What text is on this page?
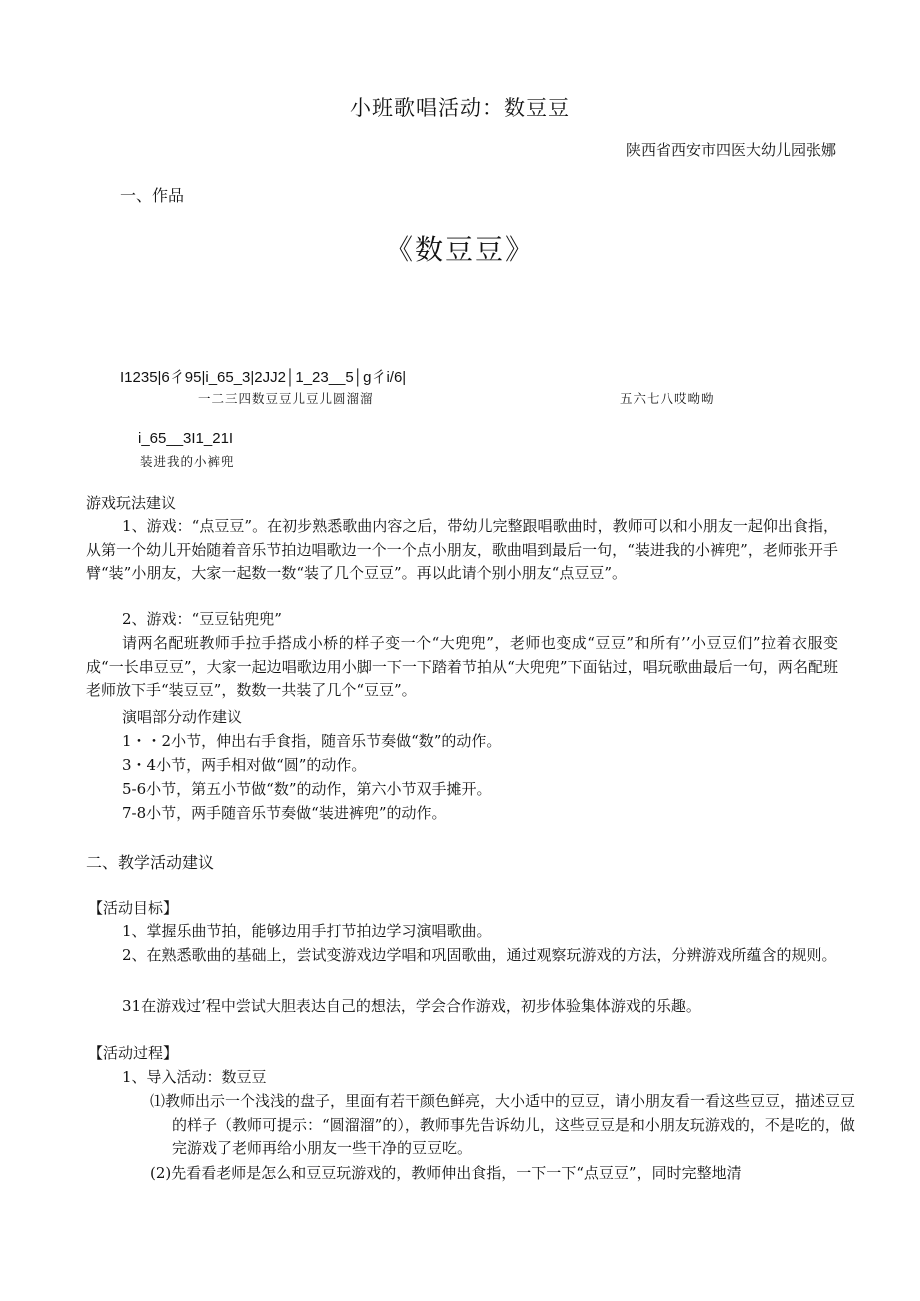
小班歌唱活动：数豆豆
陕西省西安市四医大幼儿园张娜
一、作品
《数豆豆》
I1235|6彳95|i_65_3|2JJ2│1_23__5│g彳i/6|
一二三四数豆豆儿豆儿圆溜溜	五六七八哎呦呦
i_65__3I1_21I
装进我的小裤兜
游戏玩法建议
1、游戏：“点豆豆”。在初步熟悉歌曲内容之后，带幼儿完整跟唱歌曲时，教师可以和小朋友一起仰出食指，从第一个幼儿开始随着音乐节拍边唱歌边一个一个点小朋友，歌曲唱到最后一句，“装进我的小裤兜”，老师张开手臂“装”小朋友，大家一起数一数“装了几个豆豆”。再以此请个别小朋友“点豆豆”。
2、游戏：“豆豆钻兜兜”
请两名配班教师手拉手搭成小桥的样子变一个“大兜兜”，老师也变成“豆豆”和所有’’小豆豆们”拉着衣服变成“一长串豆豆”，大家一起边唱歌边用小脚一下一下踏着节拍从“大兜兜”下面钻过，唱玩歌曲最后一句，两名配班老师放下手“装豆豆”，数数一共装了几个“豆豆”。
演唱部分动作建议
1・・2小节，伸出右手食指，随音乐节奏做“数”的动作。
3・4小节，两手相对做“圆”的动作。
5-6小节，第五小节做“数”的动作，第六小节双手摊开。
7-8小节，两手随音乐节奏做“装进裤兜”的动作。
二、教学活动建议
【活动目标】
1、掌握乐曲节拍，能够边用手打节拍边学习演唱歌曲。
2、在熟悉歌曲的基础上，尝试变游戏边学唱和巩固歌曲，通过观察玩游戏的方法，分辨游戏所蕴含的规则。
31在游戏过’程中尝试大胆表达自己的想法，学会合作游戏，初步体验集体游戏的乐趣。
【活动过程】
1、导入活动：数豆豆
⑴教师出示一个浅浅的盘子，里面有若干颜色鲜亮，大小适中的豆豆，请小朋友看一看这些豆豆，描述豆豆的样子（教师可提示：“圆溜溜”的），教师事先告诉幼儿，这些豆豆是和小朋友玩游戏的，不是吃的，做完游戏了老师再给小朋友一些干净的豆豆吃。
(2)先看看老师是怎么和豆豆玩游戏的，教师伸出食指，一下一下“点豆豆”，同时完整地清
